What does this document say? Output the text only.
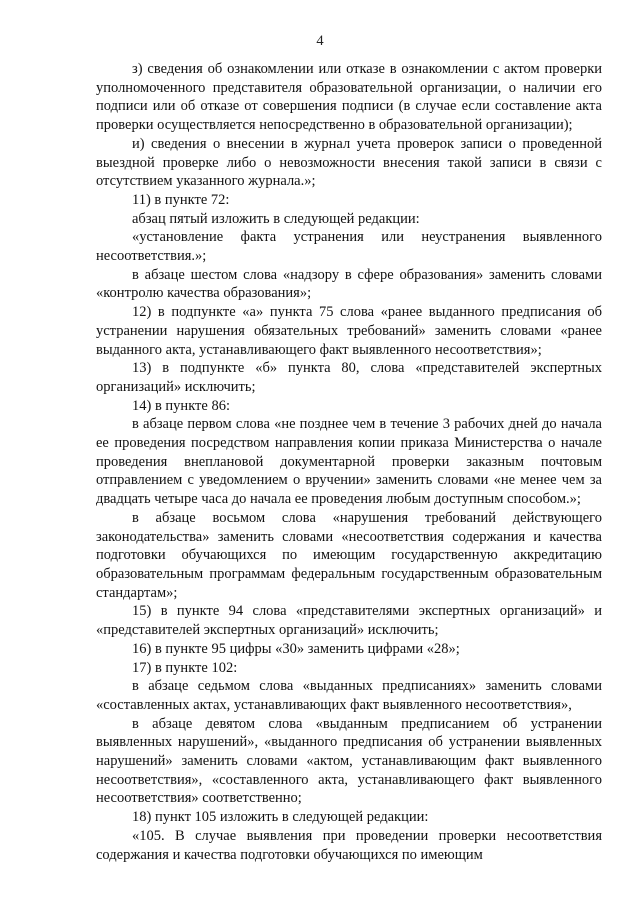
4

з) сведения об ознакомлении или отказе в ознакомлении с актом проверки уполномоченного представителя образовательной организации, о наличии его подписи или об отказе от совершения подписи (в случае если составление акта проверки осуществляется непосредственно в образовательной организации);

и) сведения о внесении в журнал учета проверок записи о проведенной выездной проверке либо о невозможности внесения такой записи в связи с отсутствием указанного журнала.»;

11) в пункте 72:

абзац пятый изложить в следующей редакции:

«установление факта устранения или неустранения выявленного несоответствия.»;

в абзаце шестом слова «надзору в сфере образования» заменить словами «контролю качества образования»;

12) в подпункте «а» пункта 75 слова «ранее выданного предписания об устранении нарушения обязательных требований» заменить словами «ранее выданного акта, устанавливающего факт выявленного несоответствия»;

13) в подпункте «б» пункта 80, слова «представителей экспертных организаций» исключить;

14) в пункте 86:

в абзаце первом слова «не позднее чем в течение 3 рабочих дней до начала ее проведения посредством направления копии приказа Министерства о начале проведения внеплановой документарной проверки заказным почтовым отправлением с уведомлением о вручении» заменить словами «не менее чем за двадцать четыре часа до начала ее проведения любым доступным способом.»;

в абзаце восьмом слова «нарушения требований действующего законодательства» заменить словами «несоответствия содержания и качества подготовки обучающихся по имеющим государственную аккредитацию образовательным программам федеральным государственным образовательным стандартам»;

15) в пункте 94 слова «представителями экспертных организаций» и «представителей экспертных организаций» исключить;

16) в пункте 95 цифры «30» заменить цифрами «28»;

17) в пункте 102:

в абзаце седьмом слова «выданных предписаниях» заменить словами «составленных актах, устанавливающих факт выявленного несоответствия»,

в абзаце девятом слова «выданным предписанием об устранении выявленных нарушений», «выданного предписания об устранении выявленных нарушений» заменить словами «актом, устанавливающим факт выявленного несоответствия», «составленного акта, устанавливающего факт выявленного несоответствия» соответственно;

18) пункт 105 изложить в следующей редакции:

«105. В случае выявления при проведении проверки несоответствия содержания и качества подготовки обучающихся по имеющим
